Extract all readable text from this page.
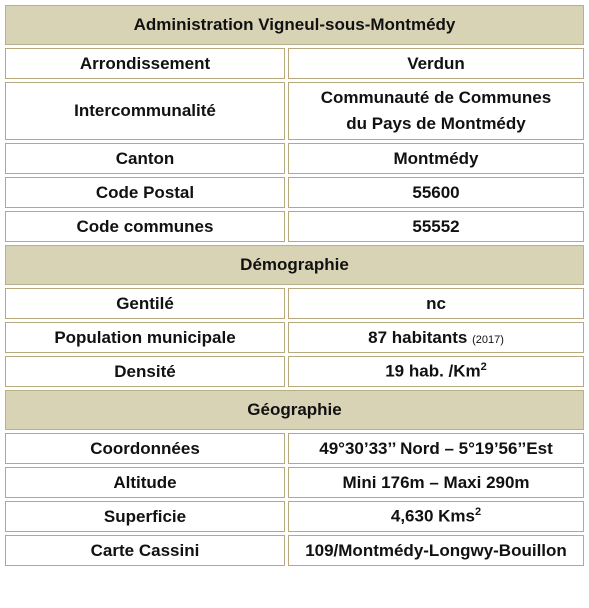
Administration Vigneul-sous-Montmédy	
Arrondissement	Verdun
Intercommunalité	Communauté de Communes
du Pays de Montmédy
Canton	Montmédy
Code Postal	55600
Code communes	55552
Démographie	
Gentilé	nc
Population municipale	87 habitants (2017)
Densité	19 hab. /Km$^2$
Géographie	
Coordonnées	49°30’33’’ Nord – 5°19’56’’Est
Altitude	Mini 176m – Maxi 290m
Superficie	4,630 Kms$^2$
Carte Cassini	109/Montmédy-Longwy-Bouillon
